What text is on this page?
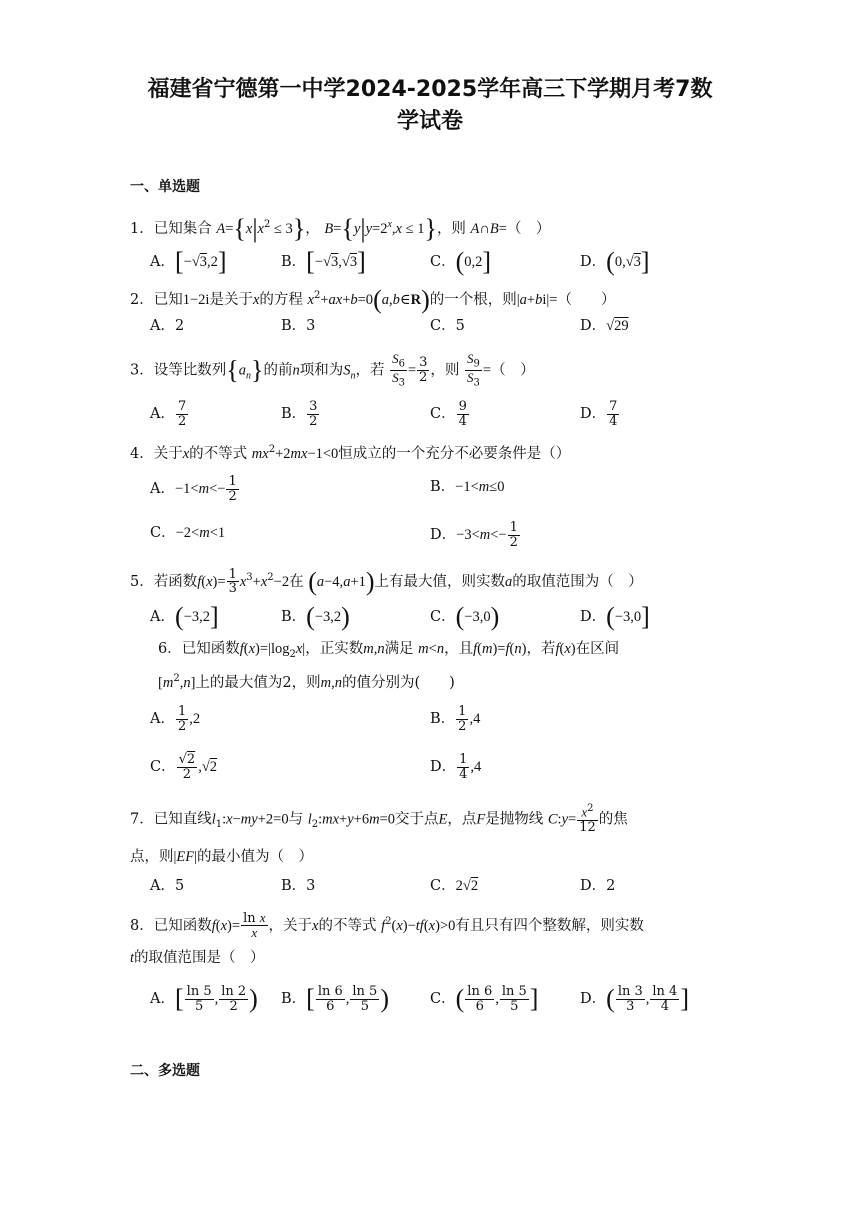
福建省宁德第一中学2024-2025学年高三下学期月考7数
学试卷
一、单选题
1．已知集合 $A=\{x|x^2 \le 3\}$， $B=\{y|y=2^x,x \le 1\}$，则 A∩B=（　）
A．[−√3,2]	B．[−√3,√3]	C．(0,2]	D．(0,√3]
2．已知1−2i是关于x的方程 $x^2+ax+b=0(a,b\in R)$的一个根，则|a+bi|=（　　）
A．2	B．3	C．5	D．√29
3．设等比数列$\{a_n\}$的前n项和为$S_n$，若 $\frac{S_6}{S_3} = \frac{3}{2}$ ，则 $\frac{S_9}{S_3}$ =（　）
A． $\frac{7}{2}$	B． $\frac{3}{2}$	C． $\frac{9}{4}$	D． $\frac{7}{4}$
4．关于x的不等式 $mx^2+2mx-1<0$恒成立的一个充分不必要条件是（）
A．$-1<m<- \frac{1}{2}$	B．−1<m≤0
C．−2<m<1	D．$-3<m<- \frac{1}{2}$
5．若函数$f(x)= \frac{1}{3} x^3+x^2-2$在 (a−4,a+1)上有最大值，则实数a的取值范围为（　）
A．(−3,2]	B．(−3,2)	C．(−3,0)	D．(−3,0]
6．已知函数$f(x)=|\log_2x|$，正实数m,n满足 m<n，且f(m)=f(n)，若f(x)在区间
$[m^2,n]$上的最大值为2，则m,n的值分别为(　　)
A． $\frac{1}{2} ,2$	B． $\frac{1}{2} ,4$
C． $\frac{√2}{2} ,√2$	D． $\frac{1}{4} ,4$
7．已知直线$l_1:x-my+2=0$与 $l_2:mx+y+6m=0$交于点E，点F是抛物线 C:y= $\frac{x^2}{12}$ 的焦
点，则|EF|的最小值为（　）
A．5	B．3	C．2√2	D．2
8．已知函数$f(x)= \frac{\text{ln x}}{x}$ ，关于x的不等式 $f^2(x)-tf(x)>0$有且只有四个整数解，则实数
t的取值范围是（　）
A．[ $\frac{\ln 5}{5}$ , $\frac{\ln 2}{2}$ ) B．[ $\frac{\ln 6}{6}$ , $\frac{\ln 5}{5}$ )	C．( $\frac{\ln 6}{6}$ , $\frac{\ln 5}{5}$ ]	D．( $\frac{\ln 3}{3}$ , $\frac{\ln 4}{4}$ ]
二、多选题
